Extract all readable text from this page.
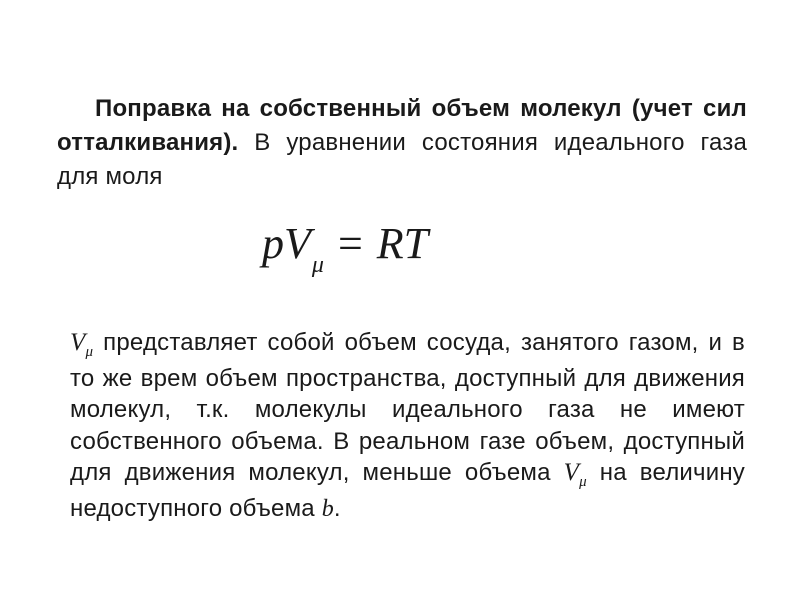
Поправка на собственный объем молекул (учет сил отталкивания). В уравнении состояния идеального газа для моля
$pV_\mu$ = RT
$V_\mu$ представляет собой объем сосуда, занятого газом, и в то же врем объем пространства, доступный для движения молекул, т.к. молекулы идеального газа не имеют собственного объема. В реальном газе объем, доступный для движения молекул, меньше объема $V_\mu$ на величину недоступного объема b.
